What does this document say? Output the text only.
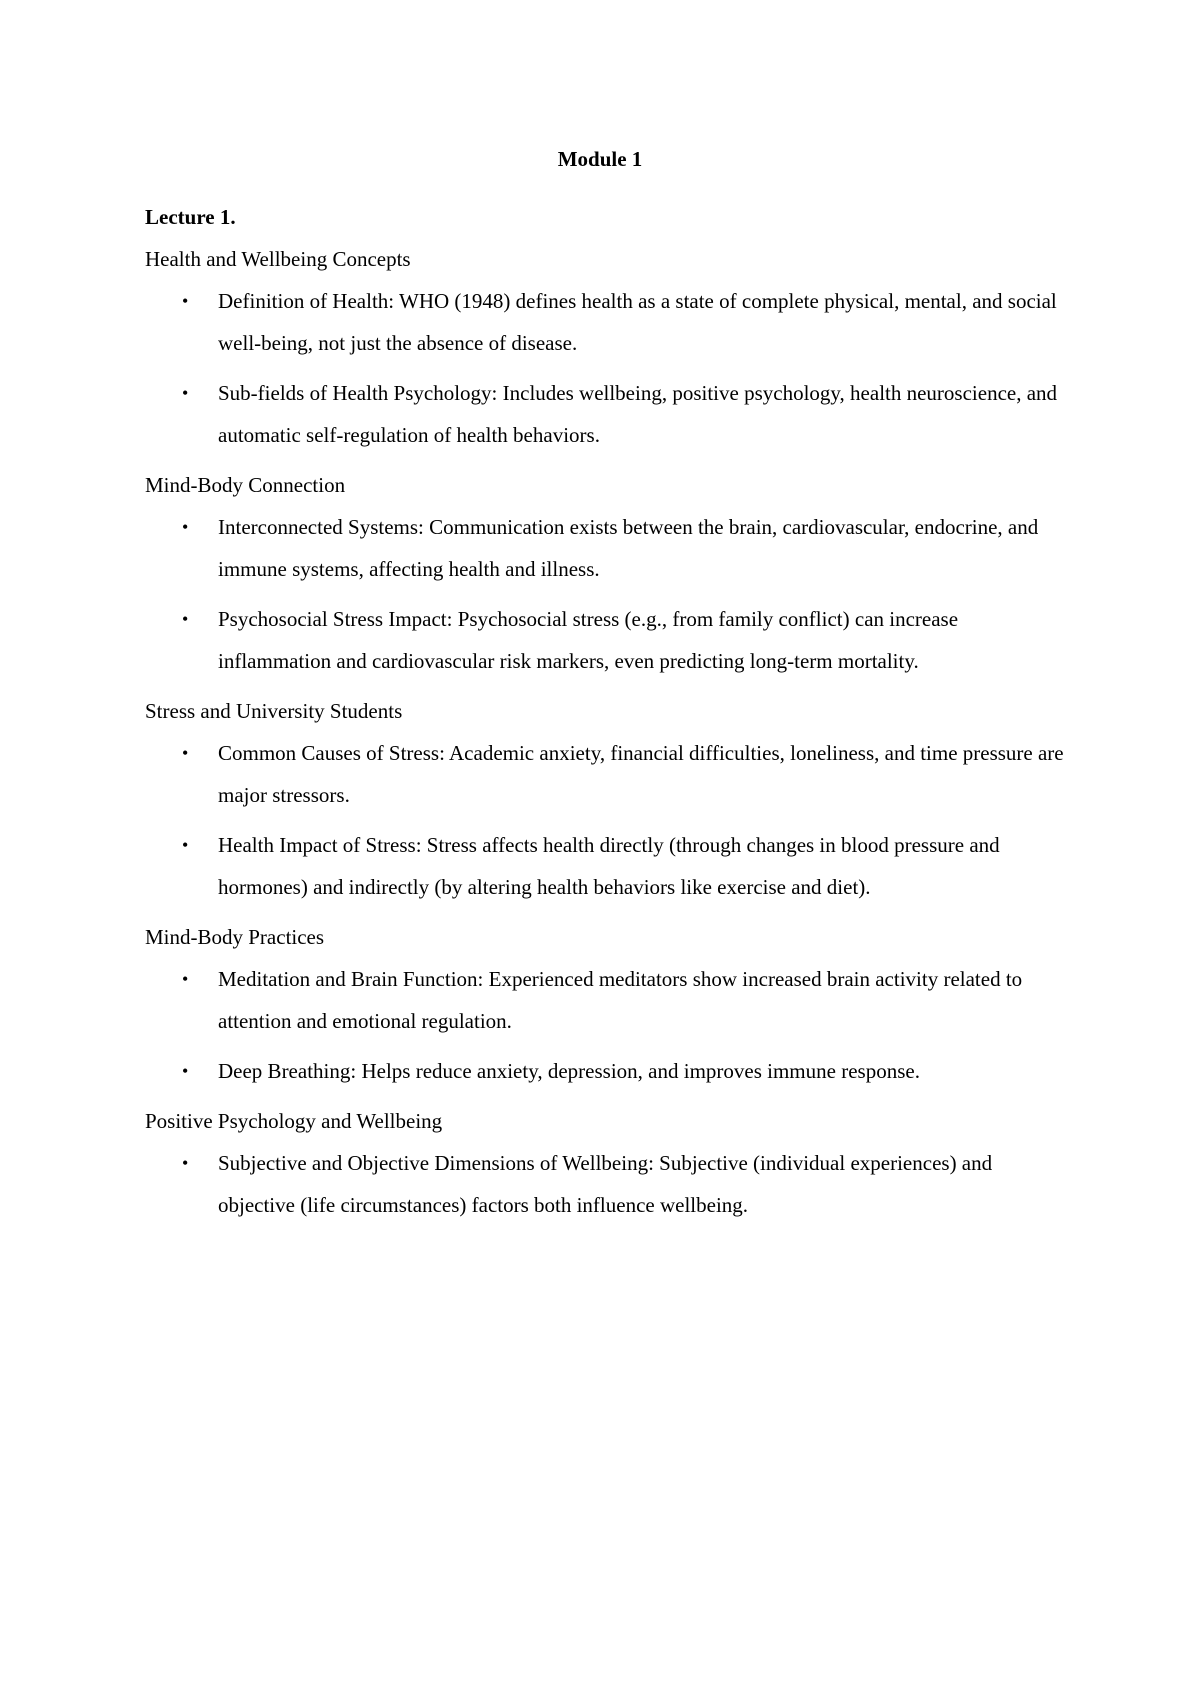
Module 1
Lecture 1.

Health and Wellbeing Concepts

• Definition of Health: WHO (1948) defines health as a state of complete physical, mental, and social well-being, not just the absence of disease.
• Sub-fields of Health Psychology: Includes wellbeing, positive psychology, health neuroscience, and automatic self-regulation of health behaviors.

Mind-Body Connection

• Interconnected Systems: Communication exists between the brain, cardiovascular, endocrine, and immune systems, affecting health and illness.
• Psychosocial Stress Impact: Psychosocial stress (e.g., from family conflict) can increase inflammation and cardiovascular risk markers, even predicting long-term mortality.

Stress and University Students

• Common Causes of Stress: Academic anxiety, financial difficulties, loneliness, and time pressure are major stressors.
• Health Impact of Stress: Stress affects health directly (through changes in blood pressure and hormones) and indirectly (by altering health behaviors like exercise and diet).

Mind-Body Practices

• Meditation and Brain Function: Experienced meditators show increased brain activity related to attention and emotional regulation.
• Deep Breathing: Helps reduce anxiety, depression, and improves immune response.

Positive Psychology and Wellbeing

• Subjective and Objective Dimensions of Wellbeing: Subjective (individual experiences) and objective (life circumstances) factors both influence wellbeing.
